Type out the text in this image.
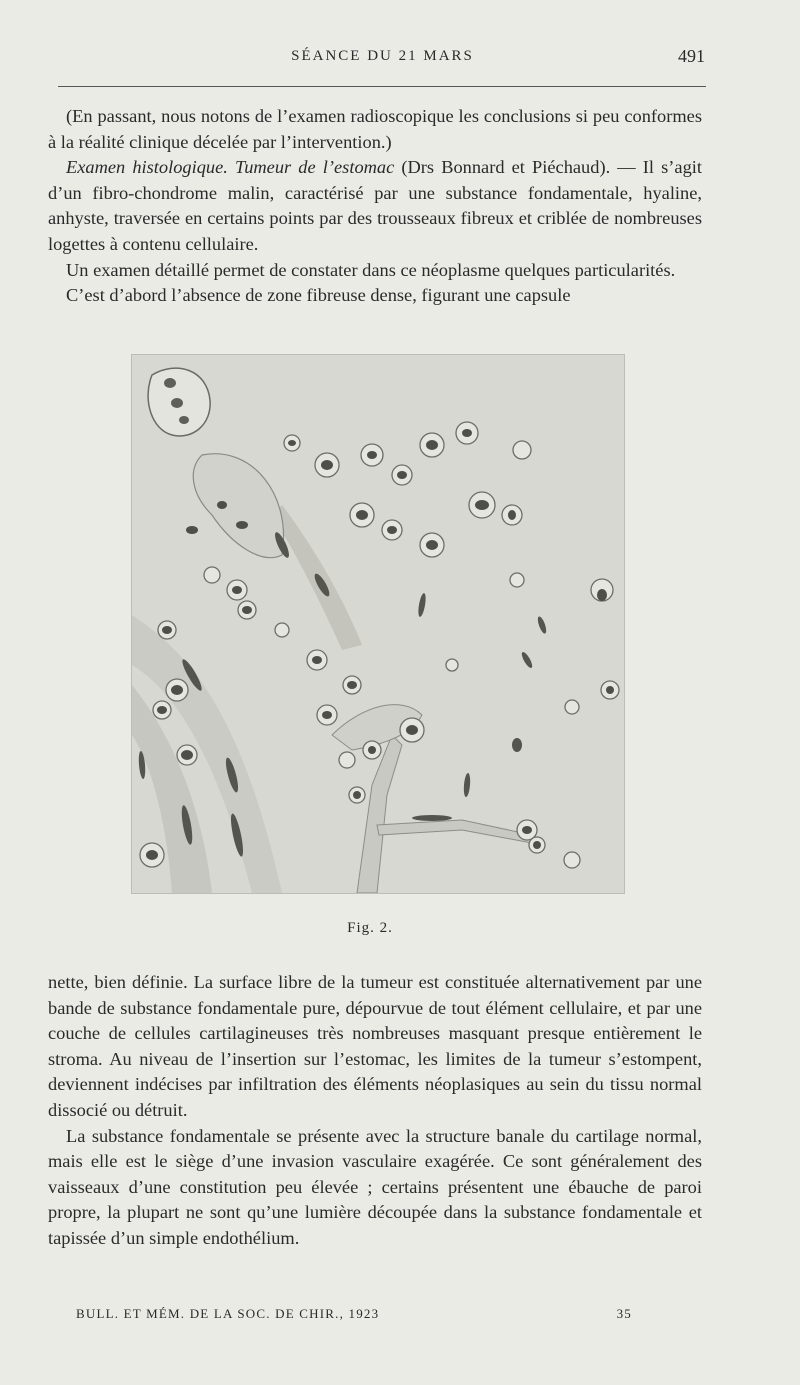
SÉANCE DU 21 MARS	491

(En passant, nous notons de l’examen radioscopique les conclusions si peu conformes à la réalité clinique décelée par l’intervention.)

Examen histologique. Tumeur de l’estomac (Drs Bonnard et Piéchaud). — Il s’agit d’un fibro-chondrome malin, caractérisé par une substance fondamentale, hyaline, anhyste, traversée en certains points par des trousseaux fibreux et criblée de nombreuses logettes à contenu cellulaire.

Un examen détaillé permet de constater dans ce néoplasme quelques particularités.

C’est d’abord l’absence de zone fibreuse dense, figurant une capsule

Fig. 2.

nette, bien définie. La surface libre de la tumeur est constituée alternativement par une bande de substance fondamentale pure, dépourvue de tout élément cellulaire, et par une couche de cellules cartilagineuses très nombreuses masquant presque entièrement le stroma. Au niveau de l’insertion sur l’estomac, les limites de la tumeur s’estompent, deviennent indécises par infiltration des éléments néoplasiques au sein du tissu normal dissocié ou détruit.

La substance fondamentale se présente avec la structure banale du cartilage normal, mais elle est le siège d’une invasion vasculaire exagérée. Ce sont généralement des vaisseaux d’une constitution peu élevée ; certains présentent une ébauche de paroi propre, la plupart ne sont qu’une lumière découpée dans la substance fondamentale et tapissée d’un simple endothélium.

BULL. ET MÉM. DE LA SOC. DE CHIR., 1923	35
